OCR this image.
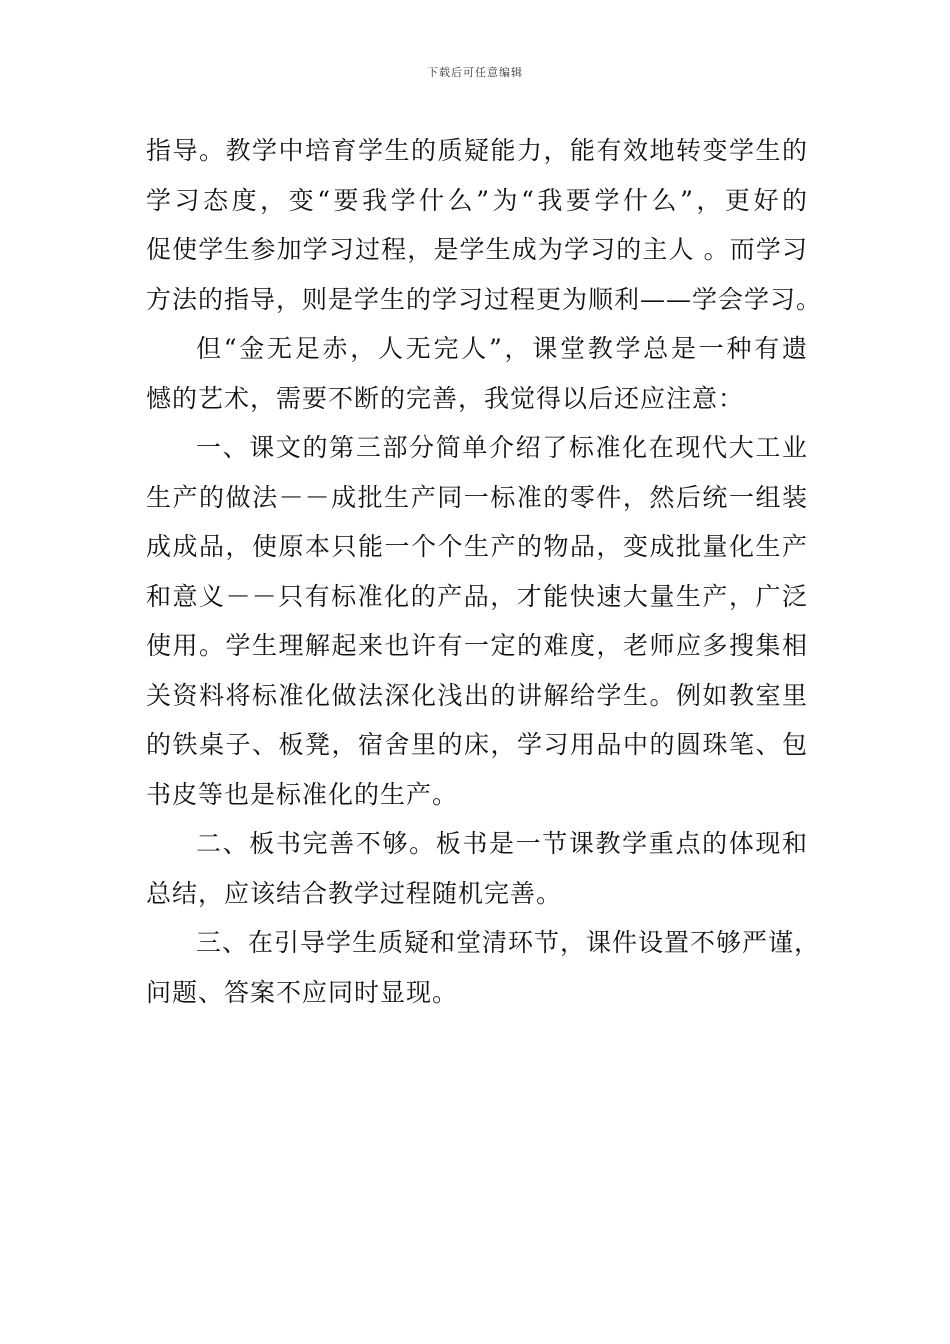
下载后可任意编辑
指导。教学中培育学生的质疑能力，能有效地转变学生的
学习态度，变“要我学什么”为“我要学什么”，更好的
促使学生参加学习过程，是学生成为学习的主人 。而学习
方法的指导，则是学生的学习过程更为顺利——学会学习。
但“金无足赤，人无完人”，课堂教学总是一种有遗
憾的艺术，需要不断的完善，我觉得以后还应注意：
一、课文的第三部分简单介绍了标准化在现代大工业
生产的做法－－成批生产同一标准的零件，然后统一组装
成成品，使原本只能一个个生产的物品，变成批量化生产
和意义－－只有标准化的产品，才能快速大量生产，广泛
使用。学生理解起来也许有一定的难度，老师应多搜集相
关资料将标准化做法深化浅出的讲解给学生。例如教室里
的铁桌子、板凳，宿舍里的床，学习用品中的圆珠笔、包
书皮等也是标准化的生产。
二、板书完善不够。板书是一节课教学重点的体现和
总结，应该结合教学过程随机完善。
三、在引导学生质疑和堂清环节，课件设置不够严谨，
问题、答案不应同时显现。
